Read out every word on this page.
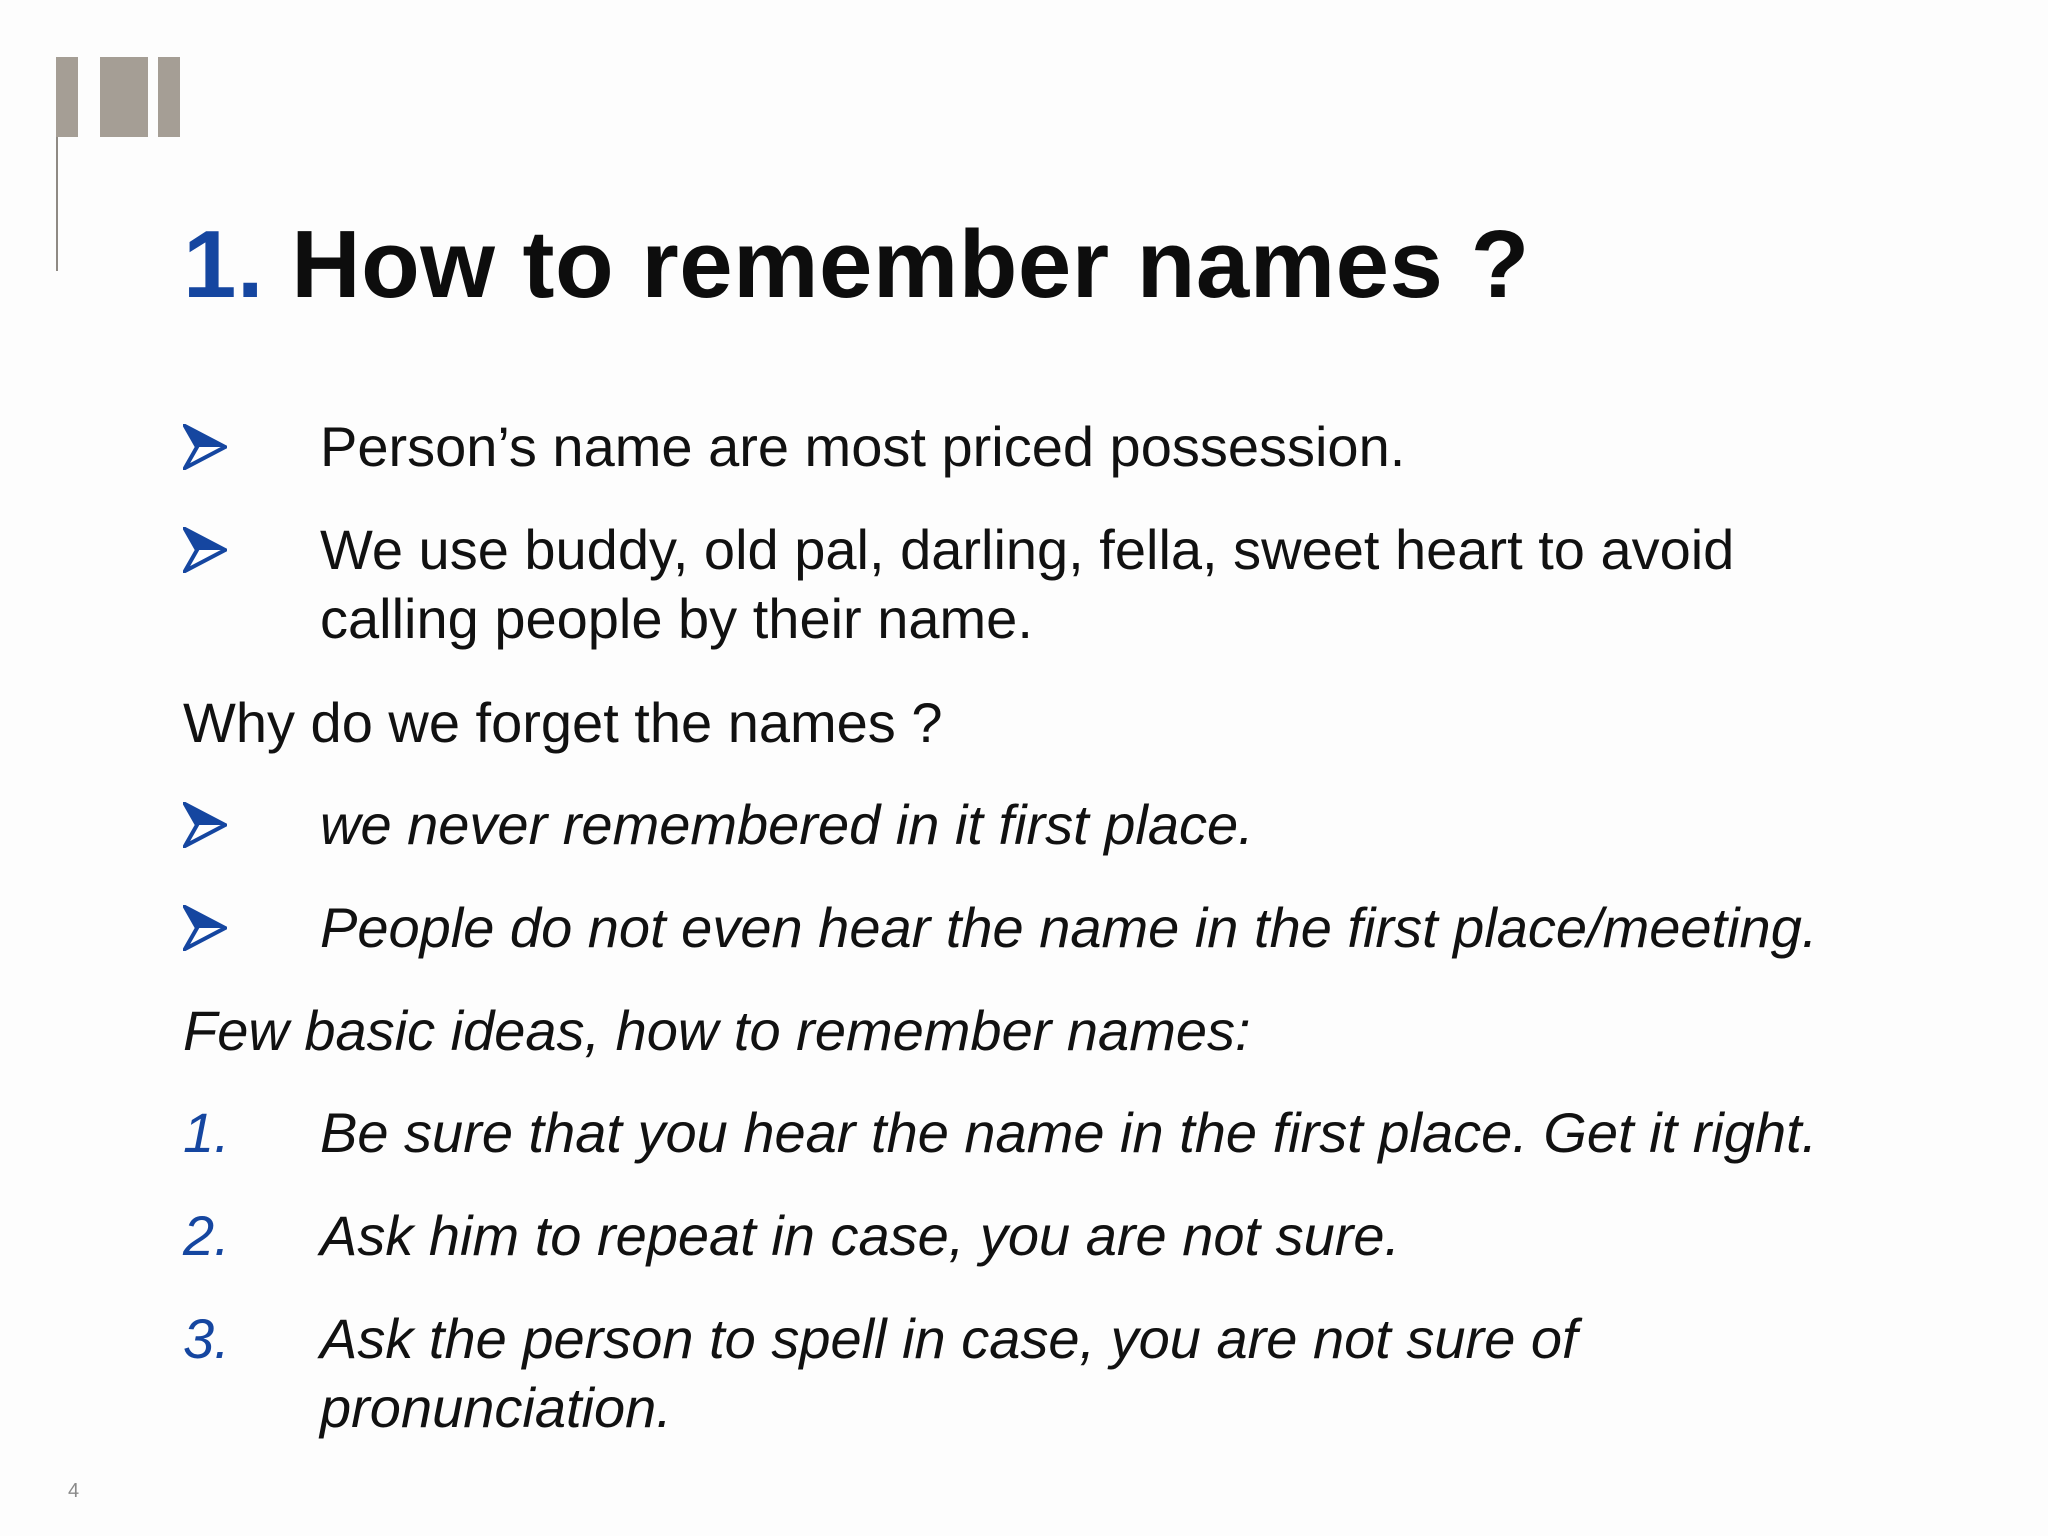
1. How to remember names ?
Person’s name are most priced possession.
We use buddy, old pal, darling, fella, sweet heart to avoid
calling people by their name.
Why do we forget the names ?
we never remembered in it first place.
People do not even hear the name in the first place/meeting.
Few basic ideas, how to remember names:
1. Be sure that you hear the name in the first place. Get it right.
2. Ask him to repeat in case, you are not sure.
3. Ask the person to spell in case, you are not sure of
pronunciation.
4
